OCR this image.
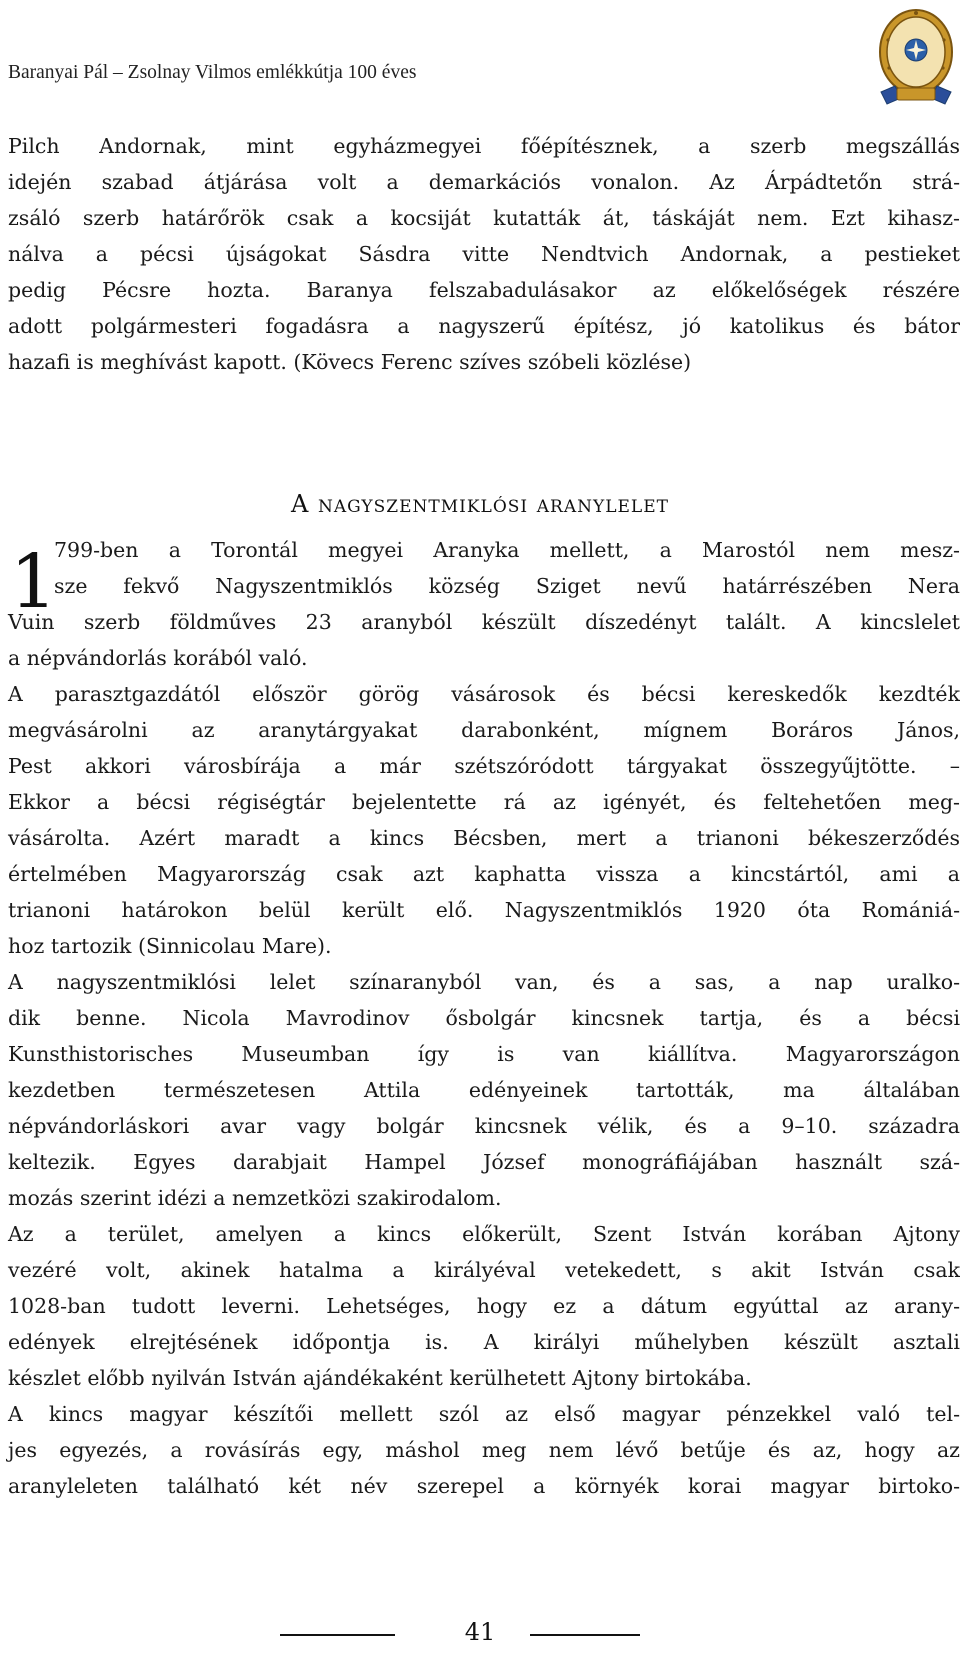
Baranyai Pál – Zsolnay Vilmos emlékkútja 100 éves
Pilch Andornak, mint egyházmegyei főépítésznek, a szerb megszállás
idején szabad átjárása volt a demarkációs vonalon. Az Árpádtetőn strá-
zsáló szerb határőrök csak a kocsiját kutatták át, táskáját nem. Ezt kihasz-
nálva a pécsi újságokat Sásdra vitte Nendtvich Andornak, a pestieket
pedig Pécsre hozta. Baranya felszabadulásakor az előkelőségek részére
adott polgármesteri fogadásra a nagyszerű építész, jó katolikus és bátor
hazafi is meghívást kapott. (Kövecs Ferenc szíves szóbeli közlése)
A nagyszentmiklósi aranylelet
1
799-ben a Torontál megyei Aranyka mellett, a Marostól nem mesz-
sze fekvő Nagyszentmiklós község Sziget nevű határrészében Nera
Vuin szerb földműves 23 aranyból készült díszedényt talált. A kincslelet
a népvándorlás korából való.
A parasztgazdától először görög vásárosok és bécsi kereskedők kezdték
megvásárolni az aranytárgyakat darabonként, mígnem Boráros János,
Pest akkori városbírája a már szétszóródott tárgyakat összegyűjtötte. –
Ekkor a bécsi régiségtár bejelentette rá az igényét, és feltehetően meg-
vásárolta. Azért maradt a kincs Bécsben, mert a trianoni békeszerződés
értelmében Magyarország csak azt kaphatta vissza a kincstártól, ami a
trianoni határokon belül került elő. Nagyszentmiklós 1920 óta Romániá-
hoz tartozik (Sinnicolau Mare).
A nagyszentmiklósi lelet színaranyból van, és a sas, a nap uralko-
dik benne. Nicola Mavrodinov ősbolgár kincsnek tartja, és a bécsi
Kunsthistorisches Museumban így is van kiállítva. Magyarországon
kezdetben természetesen Attila edényeinek tartották, ma általában
népvándorláskori avar vagy bolgár kincsnek vélik, és a 9–10. századra
keltezik. Egyes darabjait Hampel József monográfiájában használt szá-
mozás szerint idézi a nemzetközi szakirodalom.
Az a terület, amelyen a kincs előkerült, Szent István korában Ajtony
vezéré volt, akinek hatalma a királyéval vetekedett, s akit István csak
1028-ban tudott leverni. Lehetséges, hogy ez a dátum egyúttal az arany-
edények elrejtésének időpontja is. A királyi műhelyben készült asztali
készlet előbb nyilván István ajándékaként kerülhetett Ajtony birtokába.
A kincs magyar készítői mellett szól az első magyar pénzekkel való tel-
jes egyezés, a rovásírás egy, máshol meg nem lévő betűje és az, hogy az
aranyleleten található két név szerepel a környék korai magyar birtoko-
41
